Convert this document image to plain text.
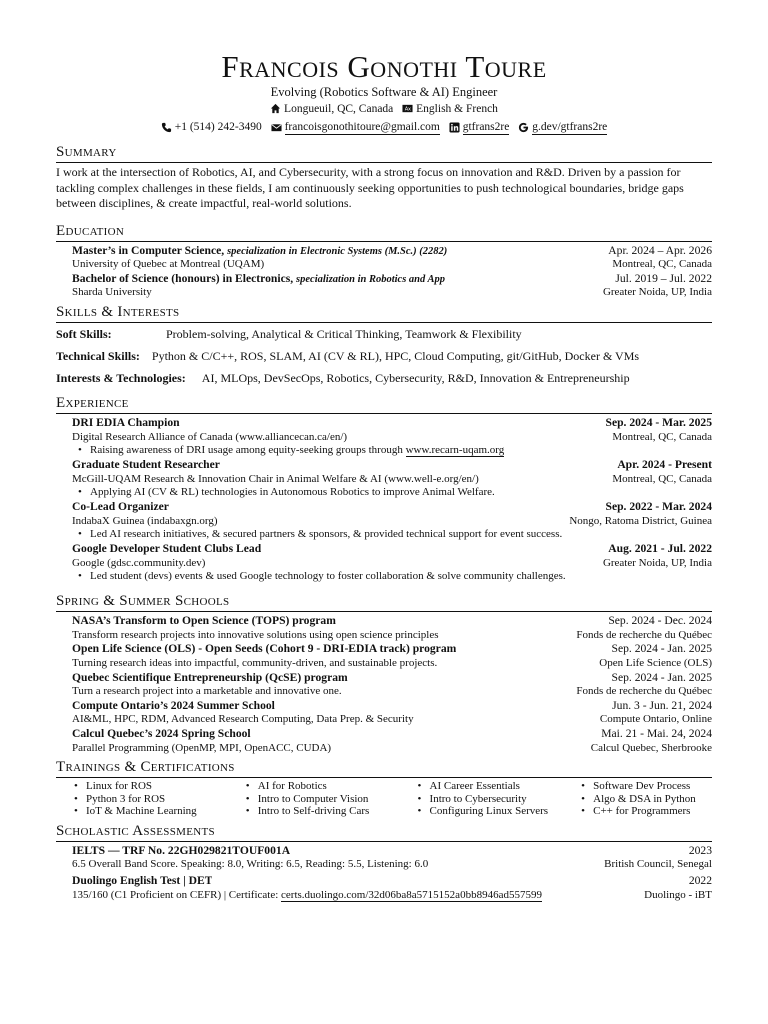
Francois Gonothi Toure
Evolving (Robotics Software & AI) Engineer
Longueuil, QC, Canada
A x English & French
+1 (514) 242-3490
francoisgonothitoure@gmail.com
gtfrans2re
g.dev/gtfrans2re
Summary
I work at the intersection of Robotics, AI, and Cybersecurity, with a strong focus on innovation and R&D. Driven by a passion for tackling complex challenges in these fields, I am continuously seeking opportunities to push technological boundaries, bridge gaps between disciplines, & create impactful, real-world solutions.
Education
Master’s in Computer Science, specialization in Electronic Systems (M.Sc.) (2282)	Apr. 2024 – Apr. 2026
University of Quebec at Montreal (UQAM)	Montreal, QC, Canada
Bachelor of Science (honours) in Electronics, specialization in Robotics and App	Jul. 2019 – Jul. 2022
Sharda University	Greater Noida, UP, India
Skills & Interests
Soft Skills:	Problem-solving, Analytical & Critical Thinking, Teamwork & Flexibility
Technical Skills: Python & C/C++, ROS, SLAM, AI (CV & RL), HPC, Cloud Computing, git/GitHub, Docker & VMs
Interests & Technologies: AI, MLOps, DevSecOps, Robotics, Cybersecurity, R&D, Innovation & Entrepreneurship
Experience
DRI EDIA Champion	Sep. 2024 - Mar. 2025
Digital Research Alliance of Canada (www.alliancecan.ca/en/)	Montreal, QC, Canada
• Raising awareness of DRI usage among equity-seeking groups through www.recarn-uqam.org
Graduate Student Researcher	Apr. 2024 - Present
McGill-UQAM Research & Innovation Chair in Animal Welfare & AI (www.well-e.org/en/)	Montreal, QC, Canada
• Applying AI (CV & RL) technologies in Autonomous Robotics to improve Animal Welfare.
Co-Lead Organizer	Sep. 2022 - Mar. 2024
IndabaX Guinea (indabaxgn.org)	Nongo, Ratoma District, Guinea
• Led AI research initiatives, & secured partners & sponsors, & provided technical support for event success.
Google Developer Student Clubs Lead	Aug. 2021 - Jul. 2022
Google (gdsc.community.dev)	Greater Noida, UP, India
• Led student (devs) events & used Google technology to foster collaboration & solve community challenges.
Spring & Summer Schools
NASA’s Transform to Open Science (TOPS) program	Sep. 2024 - Dec. 2024
Transform research projects into innovative solutions using open science principles	Fonds de recherche du Québec
Open Life Science (OLS) - Open Seeds (Cohort 9 - DRI-EDIA track) program	Sep. 2024 - Jan. 2025
Turning research ideas into impactful, community-driven, and sustainable projects.	Open Life Science (OLS)
Quebec Scientifique Entrepreneurship (QcSE) program	Sep. 2024 - Jan. 2025
Turn a research project into a marketable and innovative one.	Fonds de recherche du Québec
Compute Ontario’s 2024 Summer School	Jun. 3 - Jun. 21, 2024
AI&ML, HPC, RDM, Advanced Research Computing, Data Prep. & Security	Compute Ontario, Online
Calcul Quebec’s 2024 Spring School	Mai. 21 - Mai. 24, 2024
Parallel Programming (OpenMP, MPI, OpenACC, CUDA)	Calcul Quebec, Sherbrooke
Trainings & Certifications
• Linux for ROS
• Python 3 for ROS
• IoT & Machine Learning
• AI for Robotics
• Intro to Computer Vision
• Intro to Self-driving Cars
• AI Career Essentials
• Intro to Cybersecurity
• Configuring Linux Servers
• Software Dev Process
• Algo & DSA in Python
• C++ for Programmers
Scholastic Assessments
IELTS — TRF No. 22GH029821TOUF001A	2023
6.5 Overall Band Score. Speaking: 8.0, Writing: 6.5, Reading: 5.5, Listening: 6.0	British Council, Senegal
Duolingo English Test | DET	2022
135/160 (C1 Proficient on CEFR) | Certificate: certs.duolingo.com/32d06ba8a5715152a0bb8946ad557599	Duolingo - iBT
